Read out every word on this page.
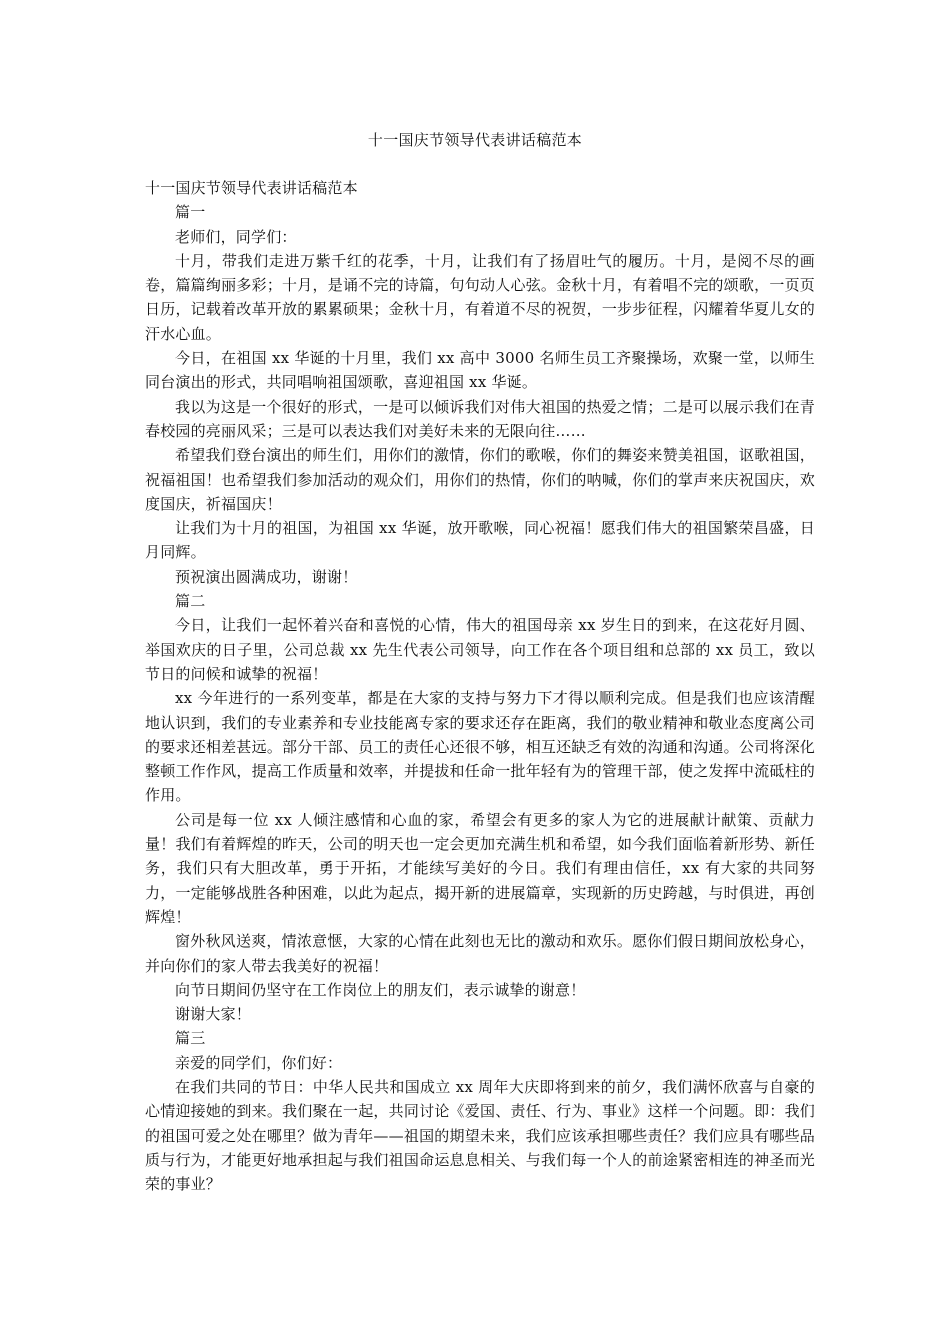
十一国庆节领导代表讲话稿范本

十一国庆节领导代表讲话稿范本

篇一

老师们，同学们：

十月，带我们走进万紫千红的花季，十月，让我们有了扬眉吐气的履历。十月，是阅不尽的画卷，篇篇绚丽多彩；十月，是诵不完的诗篇，句句动人心弦。金秋十月，有着唱不完的颂歌，一页页日历，记载着改革开放的累累硕果；金秋十月，有着道不尽的祝贺，一步步征程，闪耀着华夏儿女的汗水心血。

今日，在祖国 xx 华诞的十月里，我们 xx 高中 3000 名师生员工齐聚操场，欢聚一堂，以师生同台演出的形式，共同唱响祖国颂歌，喜迎祖国 xx 华诞。

我以为这是一个很好的形式，一是可以倾诉我们对伟大祖国的热爱之情；二是可以展示我们在青春校园的亮丽风采；三是可以表达我们对美好未来的无限向往……

希望我们登台演出的师生们，用你们的激情，你们的歌喉，你们的舞姿来赞美祖国，讴歌祖国，祝福祖国！也希望我们参加活动的观众们，用你们的热情，你们的呐喊，你们的掌声来庆祝国庆，欢度国庆，祈福国庆！

让我们为十月的祖国，为祖国 xx 华诞，放开歌喉，同心祝福！愿我们伟大的祖国繁荣昌盛，日月同辉。

预祝演出圆满成功，谢谢！

篇二

今日，让我们一起怀着兴奋和喜悦的心情，伟大的祖国母亲 xx 岁生日的到来，在这花好月圆、举国欢庆的日子里，公司总裁 xx 先生代表公司领导，向工作在各个项目组和总部的 xx 员工，致以节日的问候和诚挚的祝福！

xx 今年进行的一系列变革，都是在大家的支持与努力下才得以顺利完成。但是我们也应该清醒地认识到，我们的专业素养和专业技能离专家的要求还存在距离，我们的敬业精神和敬业态度离公司的要求还相差甚远。部分干部、员工的责任心还很不够，相互还缺乏有效的沟通和沟通。公司将深化整顿工作作风，提高工作质量和效率，并提拔和任命一批年轻有为的管理干部，使之发挥中流砥柱的作用。

公司是每一位 xx 人倾注感情和心血的家，希望会有更多的家人为它的进展献计献策、贡献力量！我们有着辉煌的昨天，公司的明天也一定会更加充满生机和希望，如今我们面临着新形势、新任务，我们只有大胆改革，勇于开拓，才能续写美好的今日。我们有理由信任，xx 有大家的共同努力，一定能够战胜各种困难，以此为起点，揭开新的进展篇章，实现新的历史跨越，与时俱进，再创辉煌！

窗外秋风送爽，情浓意惬，大家的心情在此刻也无比的激动和欢乐。愿你们假日期间放松身心，并向你们的家人带去我美好的祝福！

向节日期间仍坚守在工作岗位上的朋友们，表示诚挚的谢意！

谢谢大家！

篇三

亲爱的同学们，你们好：

在我们共同的节日：中华人民共和国成立 xx 周年大庆即将到来的前夕，我们满怀欣喜与自豪的心情迎接她的到来。我们聚在一起，共同讨论《爱国、责任、行为、事业》这样一个问题。即：我们的祖国可爱之处在哪里？做为青年——祖国的期望未来，我们应该承担哪些责任？我们应具有哪些品质与行为，才能更好地承担起与我们祖国命运息息相关、与我们每一个人的前途紧密相连的神圣而光荣的事业？
